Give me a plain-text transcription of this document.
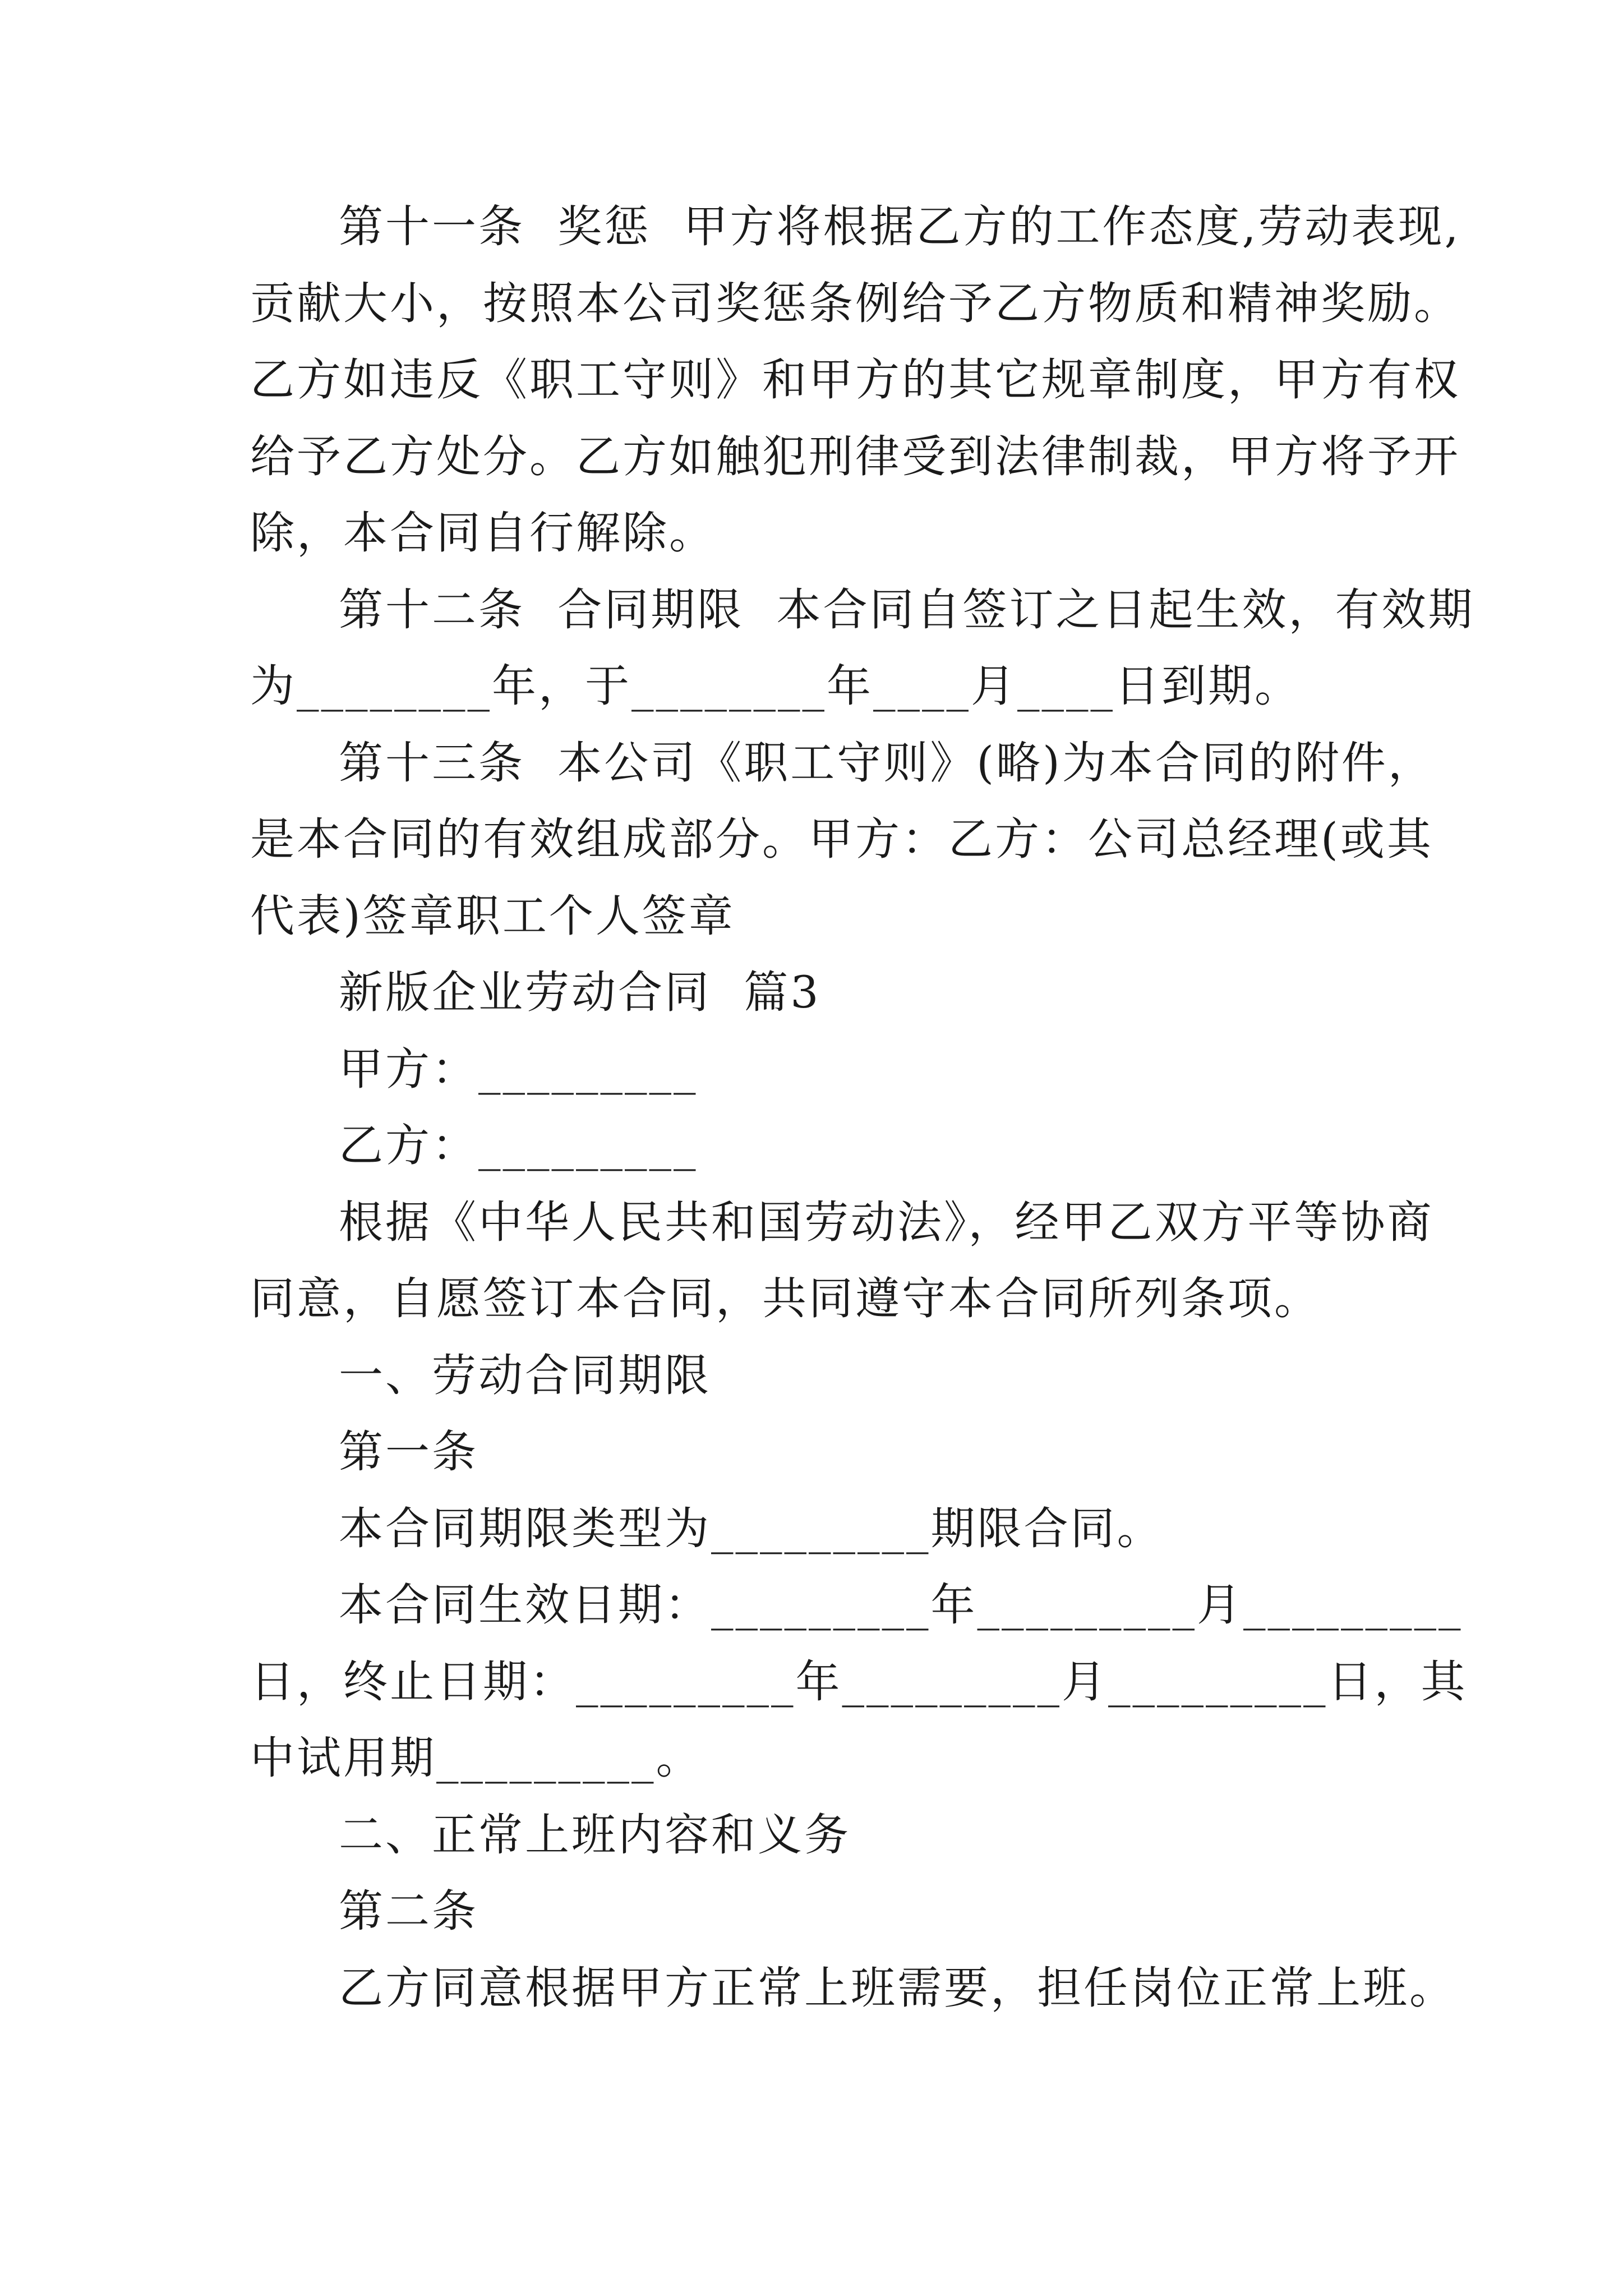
第十一条  奖惩  甲方将根据乙方的工作态度,劳动表现,
贡献大小，按照本公司奖惩条例给予乙方物质和精神奖励。
乙方如违反《职工守则》和甲方的其它规章制度，甲方有权
给予乙方处分。乙方如触犯刑律受到法律制裁，甲方将予开
除，本合同自行解除。
第十二条  合同期限  本合同自签订之日起生效，有效期
为________年，于________年____月____日到期。
第十三条  本公司《职工守则》(略)为本合同的附件，
是本合同的有效组成部分。甲方：乙方：公司总经理(或其
代表)签章职工个人签章
新版企业劳动合同  篇3
甲方：_________
乙方：_________
根据《中华人民共和国劳动法》，经甲乙双方平等协商
同意，自愿签订本合同，共同遵守本合同所列条项。
一、劳动合同期限
第一条
本合同期限类型为_________期限合同。
本合同生效日期：_________年_________月_________
日，终止日期：_________年_________月_________日，其
中试用期_________。
二、正常上班内容和义务
第二条
乙方同意根据甲方正常上班需要，担任岗位正常上班。
